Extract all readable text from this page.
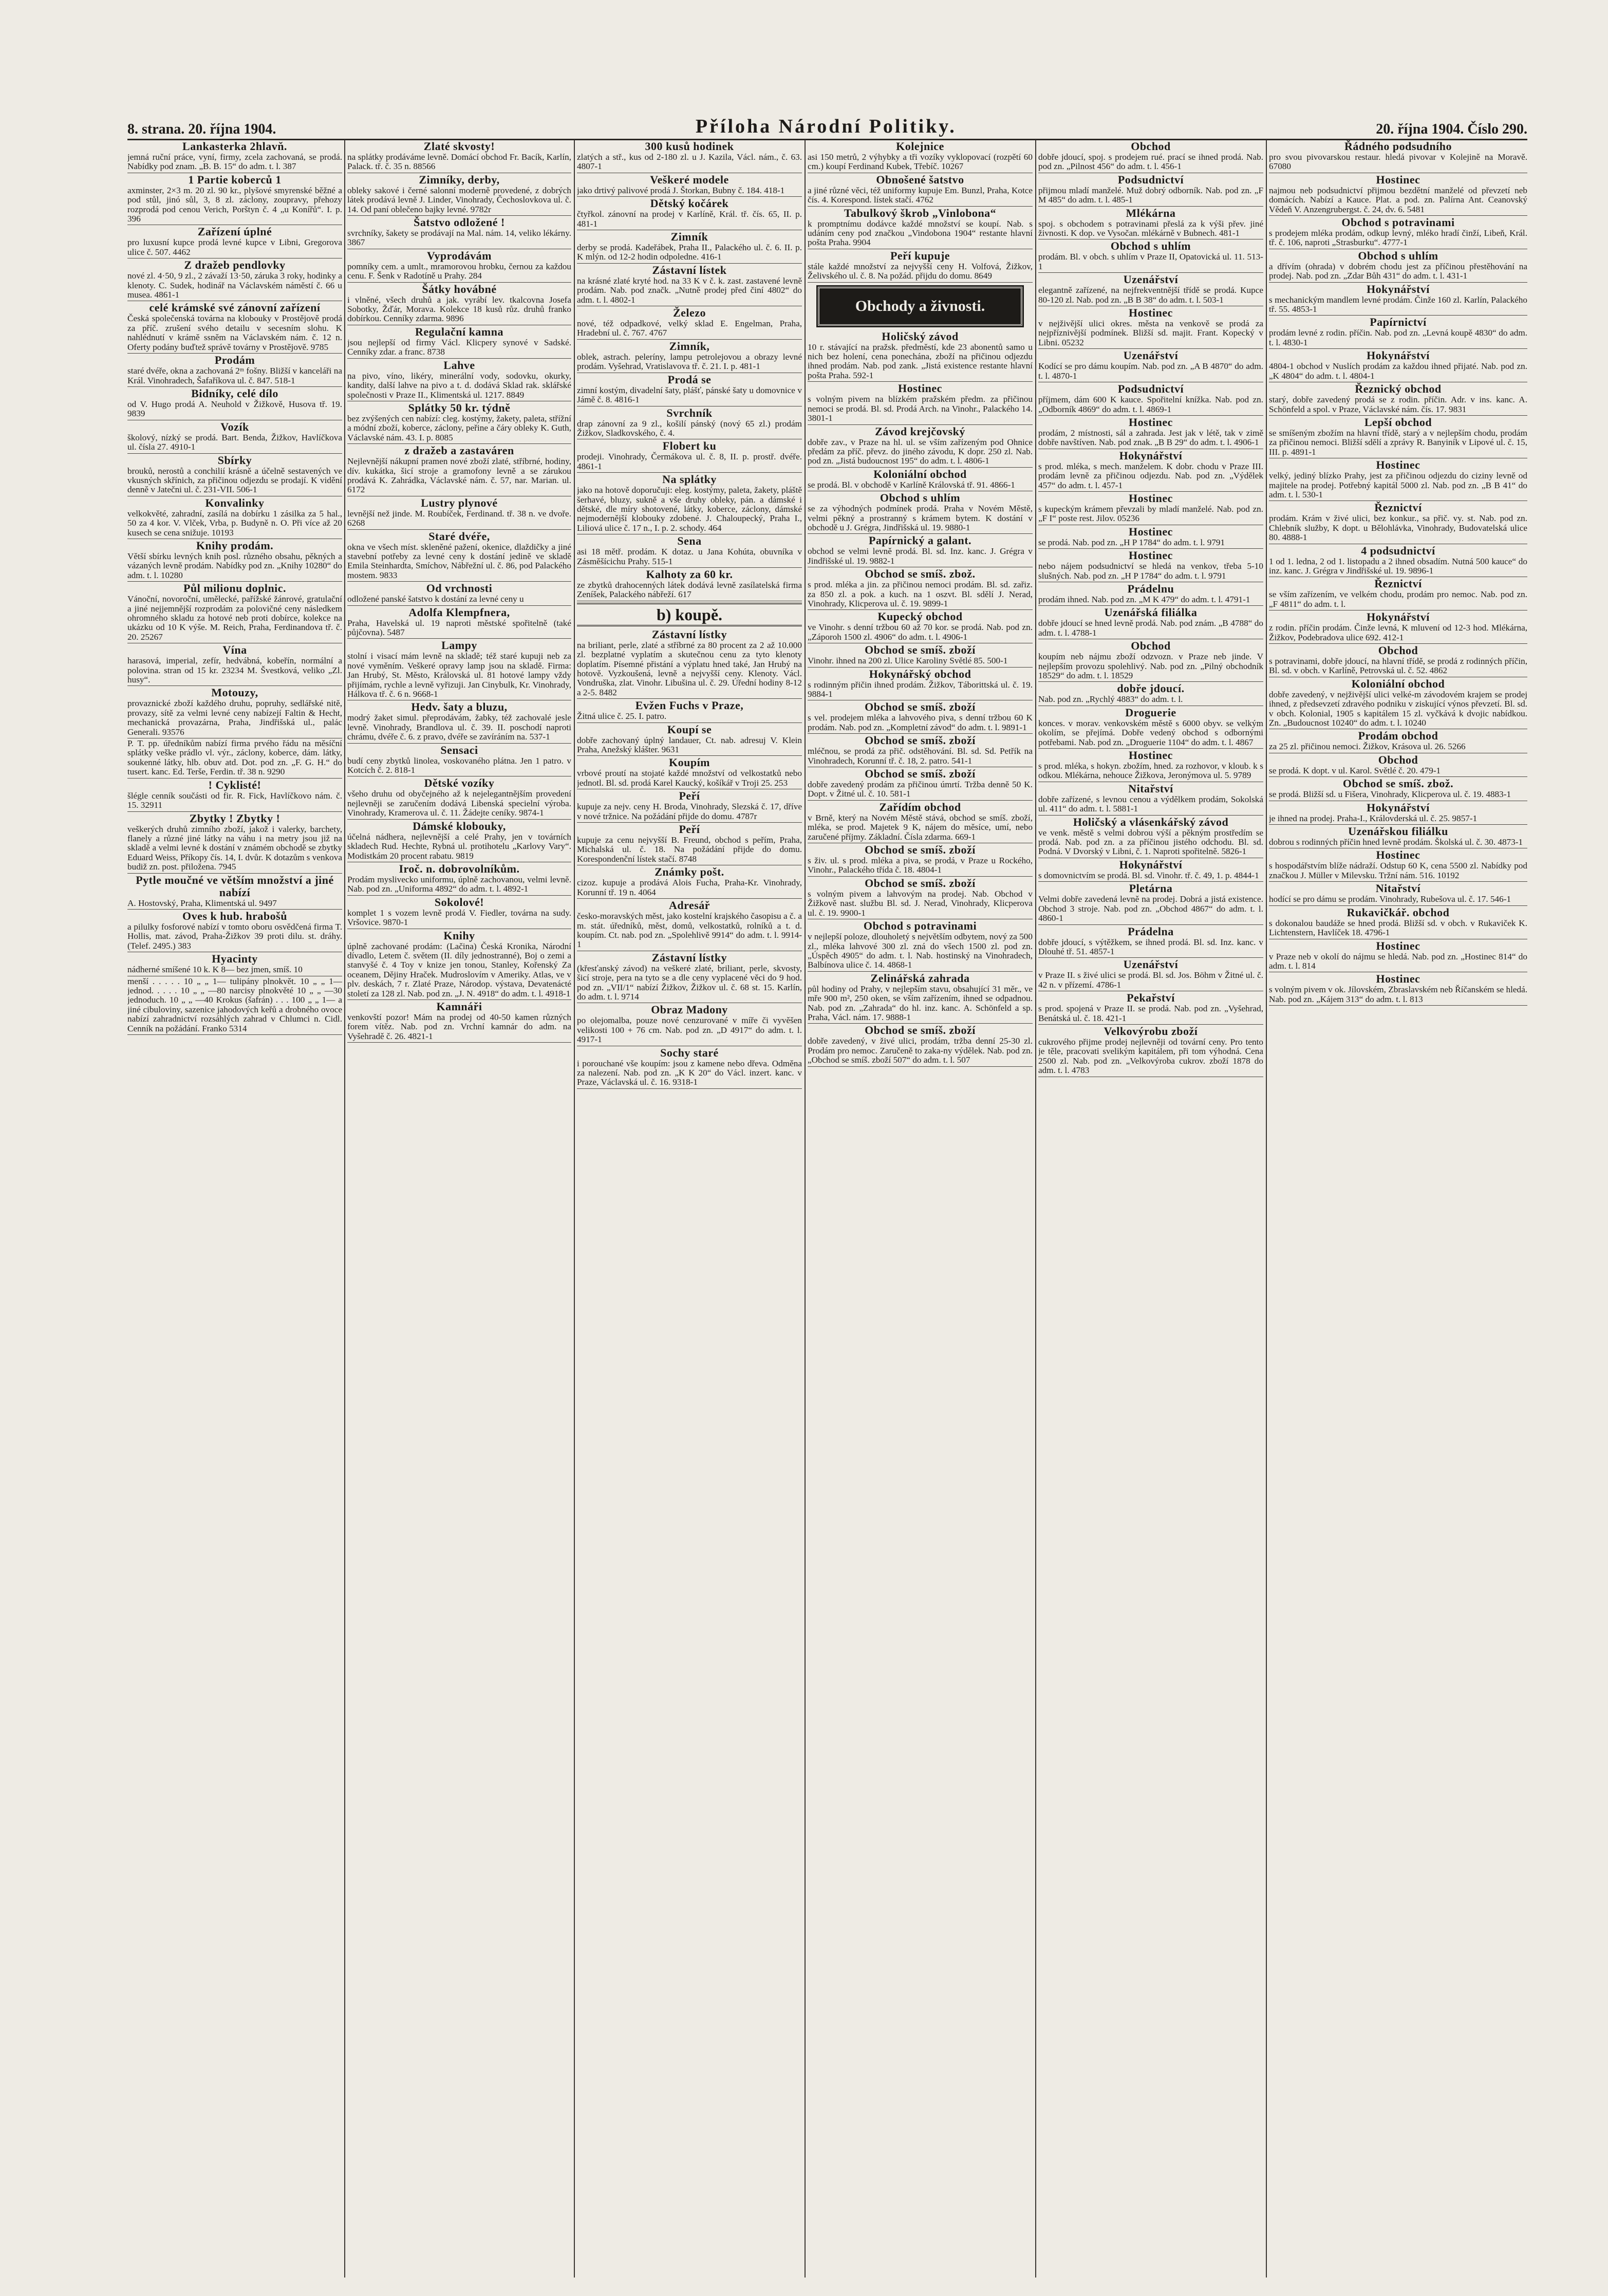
8. strana. 20. října 1904.	Příloha Národní Politiky.	20. října 1904. Číslo 290.
Lankasterka 2hlavň.
jemná ruční práce, vyní, firmy, zcela zachovaná, se prodá. Nabídky pod znam. „B. B. 15“ do adm. t. l. 387
1 Partie koberců 1
axminster, 2×3 m. 20 zl. 90 kr., plyšové smyrenské běžné a pod stůl, jinó sůl, 3, 8 zl. záclony, zoupravy, přehozy rozprodá pod cenou Verich, Porštyn č. 4 „u Konířů“. I. p. 396
Zařízení úplné
pro luxusní kupce prodá levné kupce v Libni, Gregorova ulice č. 507. 4462
Z dražeb pendlovky
nové zl. 4·50, 9 zl., 2 závaží 13·50, záruka 3 roky, hodinky a klenoty. C. Sudek, hodinář na Václavském náměstí č. 66 u musea. 4861-1
celé krámské své zánovní zařízení
Česká společenská továrna na klobouky v Prostějově prodá za příč. zrušení svého detailu v secesním slohu. K nahlédnutí v krámě ssněm na Václavském nám. č. 12 n. Oferty podány buďtež správě továrny v Prostějově. 9785
Prodám
staré dvéře, okna a zachovaná 2ᵐ fošny. Bližší v kanceláři na Král. Vinohradech, Šafaříkova ul. č. 847. 518-1
Bidníky, celé dílo
od V. Hugo prodá A. Neuhold v Žižkově, Husova tř. 19. 9839
Vozík
školový, nízký se prodá. Bart. Benda, Žižkov, Havlíčkova ul. čísla 27. 4910-1
Sbírky
brouků, nerostů a conchilií krásně a účelně sestavených ve vkusných skřínich, za přičinou odjezdu se prodají. K vidění denně v Jatečni ul. č. 231-VII. 506-1
Konvalinky
velkokvěté, zahradní, zasílá na dobírku 1 zásilka za 5 hal., 50 za 4 kor. V. Vlček, Vrba, p. Budyně n. O. Při více až 20 kusech se cena snižuje. 10193
Knihy prodám.
Větší sbírku levných knih posl. různého obsahu, pěkných a vázaných levně prodám. Nabídky pod zn. „Knihy 10280“ do adm. t. l. 10280
Půl milionu doplnic.
Vánoční, novoroční, umělecké, pařížské žánrové, gratulační a jiné nejjemnější rozprodám za polovičné ceny následkem ohromného skladu za hotové neb proti dobírce, kolekce na ukázku od 10 K výše. M. Reich, Praha, Ferdinandova tř. č. 20. 25267
Vína
harasová, imperial, zefír, hedvábná, kobeřín, normální a polovina. stran od 15 kr. 23234 M. Švestková, veliko „Zl. husy“.
Motouzy,
provaznické zboží každého druhu, popruhy, sedlářské nitě, provazy, sítě za velmi levné ceny nabízejí Faltin & Hecht, mechanická provazárna, Praha, Jindřišská ul., palác Generali. 93576
P. T. pp. úředníkům nabízí firma prvého řádu na měsíční splátky veške prádlo vl. výr., záclony, koberce, dám. látky, soukenné látky, hlb. obuv atd. Dot. pod zn. „F. G. H.“ do tusert. kanc. Ed. Terše, Ferdin. tř. 38 n. 9290
! Cyklisté!
šlégle cenník součásti od fir. R. Fick, Havlíčkovo nám. č. 15. 32911
Zbytky ! Zbytky !
veškerých druhů zimního zboží, jakož i valerky, barchety, flanely a různé jiné látky na váhu i na metry jsou již na skladě a velmi levné k dostání v známém obchodě se zbytky Eduard Weiss, Příkopy čís. 14, I. dvůr. K dotazům s venkova budiž zn. post. přiložena. 7945
Pytle moučné ve větším množství a jiné nabízí
A. Hostovský, Praha, Klimentská ul. 9497
Oves k hub. hrabošů
a pilulky fosforové nabízí v tomto oboru osvědčená firma T. Hollis, mat. závod, Praha-Žižkov 39 proti dilu. st. dráhy. (Telef. 2495.) 383
Hyacinty
nádherné smíšené 10 k. K 8— bez jmen, smíš. 10
menší . . . . . 10 „ „ 1— tulipány plnokvět. 10 „ „ 1— jednod. . . . . 10 „ „ —80 narcisy plnokvěté 10 „ „ —30 jednoduch. 10 „ „ —40 Krokus (šafrán) . . . 100 „ „ 1— a jiné cibuloviny, sazenice jahodových keřů a drobného ovoce nabízí zahradnictví rozsáhlých zahrad v Chlumci n. Cidl. Cenník na požádání. Franko 5314
Zlaté skvosty!
na splátky prodáváme levně. Domácí obchod Fr. Bacík, Karlín, Palack. tř. č. 35 n. 88566
Zimníky, derby,
obleky sakové i černé salonní moderně provedené, z dobrých látek prodává levně J. Linder, Vinohrady, Čechoslovkova ul. č. 14. Od paní oblečeno bajky levné. 9782r
Šatstvo odložené !
svrchníky, šakety se prodávají na Mal. nám. 14, veliko lékárny. 3867
Vyprodávám
pomníky cem. a umlt., mramorovou hrobku, černou za každou cenu. F. Šenk v Radotíně u Prahy. 284
Šátky hovábné
i vlněné, všech druhů a jak. vyrábí lev. tkalcovna Josefa Sobotky, Žďár, Morava. Kolekce 18 kusů růz. druhů franko dobírkou. Cenníky zdarma. 9896
Regulační kamna
jsou nejlepší od firmy Václ. Klicpery synové v Sadské. Cenníky zdar. a franc. 8738
Lahve
na pivo, víno, likéry, minerální vody, sodovku, okurky, kandity, další lahve na pivo a t. d. dodává Sklad rak. sklářské společnosti v Praze II., Klimentská ul. 1217. 8849
Splátky 50 kr. týdně
bez zvýšených cen nabízí: cleg. kostýmy, žakety, paleta, střížní a módní zboží, koberce, záclony, peřine a čáry obleky K. Guth, Václavské nám. 43. I. p. 8085
z dražeb a zastaváren
Nejlevnější nákupní pramen nové zboží zlaté, stříbrné, hodiny, dív. kukátka, šicí stroje a gramofony levně a se zárukou prodává K. Zahrádka, Václavské nám. č. 57, nar. Marian. ul. 6172
Lustry plynové
levnější než jinde. M. Roubíček, Ferdinand. tř. 38 n. ve dvoře. 6268
Staré dvéře,
okna ve všech míst. skleněné pažení, okenice, dlaždičky a jiné stavební potřeby za levné ceny k dostání jedině ve skladě Emila Steinhardta, Smíchov, Nábřežní ul. č. 86, pod Palackého mostem. 9833
Od vrchnosti
odložené panské šatstvo k dostání za levné ceny u
Adolfa Klempfnera,
Praha, Havelská ul. 19 naproti městské spořitelně (také půjčovna). 5487
Lampy
stolní i visací mám levně na skladě; též staré kupuji neb za nové vyměním. Veškeré opravy lamp jsou na skladě. Firma: Jan Hrubý, St. Město, Královská ul. 81 hotové lampy vždy přijímám, rychle a levně vyřizuji. Jan Cinybulk, Kr. Vinohrady, Hálkova tř. č. 6 n. 9668-1
Hedv. šaty a bluzu,
modrý žaket simul. přeprodávám, žabky, též zachovalé jesle levně. Vinohrady, Brandlova ul. č. 39. II. poschodí naproti chrámu, dvéře č. 6. z pravo, dvéře se zavíráním na. 537-1
Sensaci
budí ceny zbytků linolea, voskovaného plátna. Jen 1 patro. v Kotcích č. 2. 818-1
Dětské vozíky
všeho druhu od obyčejného až k nejelegantnějším provedení nejlevněji se zaručením dodává Libenská specielní výroba. Vinohrady, Kramerova ul. č. 11. Žádejte ceníky. 9874-1
Dámské klobouky,
účelná nádhera, nejlevnější a celé Prahy, jen v továrních skladech Rud. Hechte, Rybná ul. protihotelu „Karlovy Vary“. Modistkám 20 procent rabatu. 9819
Iroč. n. dobrovolníkům.
Prodám myslivecko uniformu, úplně zachovanou, velmi levně. Nab. pod zn. „Uniforma 4892“ do adm. t. l. 4892-1
Sokolové!
komplet 1 s vozem levně prodá V. Fiedler, továrna na sudy. Vršovice. 9870-1
Knihy
úplně zachované prodám: (Lačina) Česká Kronika, Národní dívadlo, Letem č. světem (II. díly jednostranné), Boj o zemi a stanvyšé č. 4 Toy v knize jen tonou, Stanley, Kořenský Za oceanem, Dějiny Hraček. Mudroslovím v Ameriky. Atlas, ve v plv. deskách, 7 r. Zlaté Praze, Národop. výstava, Devatenácté století za 128 zl. Nab. pod zn. „J. N. 4918“ do adm. t. l. 4918-1
Kamnáři
venkovští pozor! Mám na prodej od 40-50 kamen různých forem vítěz. Nab. pod zn. Vrchní kamnár do adm. na Vyšehradě č. 26. 4821-1
300 kusů hodinek
zlatých a stř., kus od 2-180 zl. u J. Kazila, Václ. nám., č. 63. 4807-1
Veškeré modele
jako drtivý palivové prodá J. Štorkan, Bubny č. 184. 418-1
Dětský kočárek
čtyřkol. zánovní na prodej v Karlíně, Král. tř. čís. 65, II. p. 481-1
Zimník
derby se prodá. Kadeřábek, Praha II., Palackého ul. č. 6. II. p. K mlýn. od 12-2 hodin odpoledne. 416-1
Zástavní lístek
na krásné zlaté kryté hod. na 33 K v č. k. zast. zastavené levně prodám. Nab. pod značk. „Nutně prodej před činí 4802“ do adm. t. l. 4802-1
Železo
nové, též odpadkové, velký sklad E. Engelman, Praha, Hradební ul. č. 767. 4767
Zimník,
oblek, astrach. peleríny, lampu petrolejovou a obrazy levné prodám. Vyšehrad, Vratislavova tř. č. 21. I. p. 481-1
Prodá se
zimní kostým, divadelní šaty, plášť, pánské šaty u domovnice v Jámě č. 8. 4816-1
Svrchník
drap zánovní za 9 zl., košilí pánský (nový 65 zl.) prodám Žižkov, Sladkovského, č. 4.
Flobert ku
prodeji. Vinohrady, Čermákova ul. č. 8, II. p. prostř. dvéře. 4861-1
Na splátky
jako na hotově doporučuji: eleg. kostýmy, paleta, žakety, pláště šerhavé, bluzy, sukně a vše druhy obleky, pán. a dámské i dětské, dle míry shotovené, látky, koberce, záclony, dámské nejmodernější klobouky zdobené. J. Chaloupecký, Praha I., Liliová ulice č. 17 n., I. p. 2. schody. 464
Sena
asi 18 mětř. prodám. K dotaz. u Jana Kohúta, obuvníka v Zásměšícichu Prahy. 515-1
Kalhoty za 60 kr.
ze zbytků drahocenných látek dodává levně zasílatelská firma Zeníšek, Palackého nábřeží. 617
b) koupě.
Zástavní lístky
na briliant, perle, zlaté a stříbrné za 80 procent za 2 až 10.000 zl. bezplatné vyplatím a skutečnou cenu za tyto klenoty doplatím. Písemné přistání a výplatu hned také, Jan Hrubý na hotově. Vyzkoušená, levně a nejvyšší ceny. Klenoty. Václ. Vondruška, zlat. Vinohr. Libušina ul. č. 29. Úřední hodiny 8-12 a 2-5. 8482
Evžen Fuchs v Praze,
Žitná ulice č. 25. I. patro.
Koupí se
dobře zachovaný úplný landauer, Ct. nab. adresuj V. Klein Praha, Anežský klášter. 9631
Koupím
vrbové proutí na stojaté každé množství od velkostatků nebo jednotl. Bl. sd. prodá Karel Kaucký, košíkář v Troji 25. 253
Peří
kupuje za nejv. ceny H. Broda, Vinohrady, Slezská č. 17, dříve v nové tržnice. Na požádání přijde do domu. 4787r
Peří
kupuje za cenu nejvyšší B. Freund, obchod s peřím, Praha, Michalská ul. č. 18. Na požádání přijde do domu. Korespondenční lístek stačí. 8748
Známky pošt.
cizoz. kupuje a prodává Alois Fucha, Praha-Kr. Vinohrady, Korunní tř. 19 n. 4064
Adresář
česko-moravských měst, jako kostelní krajského časopisu a č. a m. stát. úředníků, měst, domů, velkostatků, rolníků a t. d. koupím. Ct. nab. pod zn. „Spolehlivě 9914“ do adm. t. l. 9914-1
Zástavní lístky
(křesťanský závod) na veškeré zlaté, briliant, perle, skvosty, šicí stroje, pera na tyto se a dle ceny vyplacené věci do 9 hod. pod zn. „VII/1“ nabízí Žižkov, Žižkov ul. č. 68 st. 15. Karlín, do adm. t. l. 9714
Obraz Madony
po olejomalba, pouze nové cenzurované v míře či vyvěšen velikosti 100 + 76 cm. Nab. pod zn. „D 4917“ do adm. t. l. 4917-1
Sochy staré
i porouchané vše koupím: jsou z kamene nebo dřeva. Odměna za nalezení. Nab. pod zn. „K K 20“ do Václ. inzert. kanc. v Praze, Václavská ul. č. 16. 9318-1
Kolejnice
asi 150 metrů, 2 výhybky a tři vozíky vyklopovací (rozpětí 60 cm.) koupí Ferdinand Kubek, Třebíč. 10267
Obnošené šatstvo
a jiné různé věci, též uniformy kupuje Em. Bunzl, Praha, Kotce čís. 4. Korespond. lístek stačí. 4762
Tabulkový škrob „Vinlobona“
k promptnímu dodávce každé množství se koupí. Nab. s udáním ceny pod značkou „Vindobona 1904“ restante hlavní pošta Praha. 9904
Peří kupuje
stále každé množství za nejvyšší ceny H. Volfová, Žižkov, Želivského ul. č. 8. Na požád. přijdu do domu. 8649
Obchody a živnosti.
Holičský závod
10 r. stávající na pražsk. předměstí, kde 23 abonentů samo u nich bez holení, cena ponechána, zboží na přičinou odjezdu ihned prodám. Nab. pod zank. „Jistá existence restante hlavní pošta Praha. 592-1
Hostinec
s volným pivem na blízkém pražském předm. za přičinou nemoci se prodá. Bl. sd. Prodá Arch. na Vinohr., Palackého 14. 3801-1
Závod krejčovský
dobře zav., v Praze na hl. ul. se vším zařízeným pod Ohnice předám za příč. převz. do jiného závodu, K dopr. 250 zl. Nab. pod zn. „Jistá budoucnost 195“ do adm. t. l. 4806-1
Koloniální obchod
se prodá. Bl. v obchodě v Karlíně Královská tř. 91. 4866-1
Obchod s uhlím
se za výhodných podmínek prodá. Praha v Novém Městě, velmi pěkný a prostranný s krámem bytem. K dostání v obchodě u J. Grégra, Jindřišská ul. 19. 9880-1
Papírnický a galant.
obchod se velmi levně prodá. Bl. sd. Inz. kanc. J. Grégra v Jindřišské ul. 19. 9882-1
Obchod se smíš. zbož.
s prod. mléka a jin. za přičinou nemoci prodám. Bl. sd. zařiz. za 850 zl. a pok. a kuch. na 1 oszvt. Bl. sdělí J. Nerad, Vinohrady, Klicperova ul. č. 19. 9899-1
Kupecký obchod
ve Vinohr. s denní tržbou 60 až 70 kor. se prodá. Nab. pod zn. „Záporoh 1500 zl. 4906“ do adm. t. l. 4906-1
Obchod se smíš. zboží
Vinohr. ihned na 200 zl. Ulice Karoliny Světlé 85. 500-1
Hokynářský obchod
s rodinným přičin ihned prodám. Žižkov, Táborittská ul. č. 19. 9884-1
Obchod se smíš. zboží
s vel. prodejem mléka a lahvového piva, s denní tržbou 60 K prodám. Nab. pod zn. „Kompletní závod“ do adm. t. l. 9891-1
Obchod se smíš. zboží
mléčnou, se prodá za přič. odstěhování. Bl. sd. Sd. Petřík na Vinohradech, Korunní tř. č. 18, 2. patro. 541-1
Obchod se smíš. zboží
dobře zavedený prodám za přičinou úmrtí. Tržba denně 50 K. Dopt. v Žitné ul. č. 10. 581-1
Zařídím obchod
v Brně, který na Novém Městě stává, obchod se smíš. zboží, mléka, se prod. Majetek 9 K, nájem do měsíce, umí, nebo zaručené příjmy. Základní. Čísla zdarma. 669-1
Obchod se smíš. zboží
s živ. ul. s prod. mléka a piva, se prodá, v Praze u Rockého, Vinohr., Palackého třída č. 18. 4804-1
Obchod se smíš. zboží
s volným pivem a lahvovým na prodej. Nab. Obchod v Žižkově nast. službu Bl. sd. J. Nerad, Vinohrady, Klicperova ul. č. 19. 9900-1
Obchod s potravinami
v nejlepší poloze, dlouholetý s největším odbytem, nový za 500 zl., mléka lahvové 300 zl. zná do všech 1500 zl. pod zn. „Úspěch 4905“ do adm. t. l. Nab. hostinský na Vinohradech, Balbínova ulice č. 14. 4868-1
Zelinářská zahrada
půl hodiny od Prahy, v nejlepším stavu, obsahující 31 měr., ve mře 900 m², 250 oken, se vším zařízením, ihned se odpadnou. Nab. pod zn. „Zahrada“ do hl. inz. kanc. A. Schönfeld a sp. Praha, Václ. nám. 17. 9888-1
Obchod se smíš. zboží
dobře zavedený, v živé ulici, prodám, tržba denní 25-30 zl. Prodám pro nemoc. Zaručeně to zaka-ny výdělek. Nab. pod zn. „Obchod se smíš. zboží 507“ do adm. t. l. 507
Obchod
dobře jdoucí, spoj. s prodejem rué. prací se ihned prodá. Nab. pod zn. „Pilnost 456“ do adm. t. l. 456-1
Podsudnictví
přijmou mladí manželé. Muž dobrý odborník. Nab. pod zn. „F M 485“ do adm. t. l. 485-1
Mlékárna
spoj. s obchodem s potravinami přeslá za k výši přev. jiné živnosti. K dop. ve Vysočan. mlékárně v Bubnech. 481-1
Obchod s uhlím
prodám. Bl. v obch. s uhlím v Praze II, Opatovická ul. 11. 513-1
Uzenářství
elegantně zařízené, na nejfrekventnější třídě se prodá. Kupce 80-120 zl. Nab. pod zn. „B B 38“ do adm. t. l. 503-1
Hostinec
v nejživější ulici okres. města na venkově se prodá za nejpříznivější podmínek. Bližší sd. majit. Frant. Kopecký v Libni. 05232
Uzenářství
Kodící se pro dámu koupím. Nab. pod zn. „A B 4870“ do adm. t. l. 4870-1
Podsudnictví
příjmem, dám 600 K kauce. Spořitelní knížka. Nab. pod zn. „Odborník 4869“ do adm. t. l. 4869-1
Hostinec
prodám, 2 místnosti, sál a zahrada. Jest jak v létě, tak v zimě dobře navštíven. Nab. pod znak. „B B 29“ do adm. t. l. 4906-1
Hokynářství
s prod. mléka, s mech. manželem. K dobr. chodu v Praze III. prodám levně za přičinou odjezdu. Nab. pod zn. „Výdělek 457“ do adm. t. l. 457-1
Hostinec
s kupeckým krámem převzali by mladí manželé. Nab. pod zn. „F I“ poste rest. Jilov. 05236
Hostinec
se prodá. Nab. pod zn. „H P 1784“ do adm. t. l. 9791
Hostinec
nebo nájem podsudnictví se hledá na venkov, třeba 5-10 slušných. Nab. pod zn. „H P 1784“ do adm. t. l. 9791
Prádelnu
prodám ihned. Nab. pod zn. „M K 479“ do adm. t. l. 4791-1
Uzenářská filiálka
dobře jdoucí se hned levně prodá. Nab. pod znám. „B 4788“ do adm. t. l. 4788-1
Obchod
koupím neb nájmu zboží odzvozn. v Praze neb jinde. V nejlepším provozu spolehlivý. Nab. pod zn. „Pilný obchodník 18529“ do adm. t. l. 18529
dobře jdoucí.
Nab. pod zn. „Rychlý 4883“ do adm. t. l.
Droguerie
konces. v morav. venkovském městě s 6000 obyv. se velkým okolím, se přejímá. Dobře vedený obchod s odbornými potřebami. Nab. pod zn. „Droguerie 1104“ do adm. t. l. 4867
Hostinec
s prod. mléka, s hokyn. zbožím, hned. za rozhovor, v kloub. k s odkou. Mlékárna, nehouce Žižkova, Jeronýmova ul. 5. 9789
Nitařství
dobře zařízené, s levnou cenou a výdělkem prodám, Sokolská ul. 411“ do adm. t. l. 5881-1
Holičský a vlásenkářský závod
ve venk. městě s velmi dobrou výší a pěkným prostředím se prodá. Nab. pod zn. a za příčinou jistého odchodu. Bl. sd. Podná. V Dvorský v Libni, č. 1. Naproti spořitelně. 5826-1
Hokynářství
s domovnictvím se prodá. Bl. sd. Vinohr. tř. č. 49, 1. p. 4844-1
Pletárna
Velmi dobře zavedená levně na prodej. Dobrá a jistá existence. Obchod 3 stroje. Nab. pod zn. „Obchod 4867“ do adm. t. l. 4860-1
Prádelna
dobře jdoucí, s výtěžkem, se ihned prodá. Bl. sd. Inz. kanc. v Dlouhé tř. 51. 4857-1
Uzenářství
v Praze II. s živé ulici se prodá. Bl. sd. Jos. Böhm v Žitné ul. č. 42 n. v přízemí. 4786-1
Pekařství
s prod. spojená v Praze II. se prodá. Nab. pod zn. „Vyšehrad, Benátská ul. č. 18. 421-1
Velkovýrobu zboží
cukrového přijme prodej nejlevněji od tovární ceny. Pro tento je těle, pracovati svelikým kapitálem, při tom výhodná. Cena 2500 zl. Nab. pod zn. „Velkovýroba cukrov. zboží 1878 do adm. t. l. 4783
Řádného podsudního
pro svou pivovarskou restaur. hledá pivovar v Kolejině na Moravě. 67080
Hostinec
najmou neb podsudnictví přijmou bezdětní manželé od převzetí neb domácích. Nabízí a Kauce. Plat. a pod. zn. Palírna Ant. Ceanovský Vědeň V. Anzengrubergst. č. 24, dv. 6. 5481
Obchod s potravinami
s prodejem mléka prodám, odkup levný, mléko hradí činží, Libeň, Král. tř. č. 106, naproti „Strasburku“. 4777-1
Obchod s uhlím
a dřívím (ohrada) v dobrém chodu jest za příčinou přestěhování na prodej. Nab. pod zn. „Zdar Bůh 431“ do adm. t. l. 431-1
Hokynářství
s mechanickým mandlem levné prodám. Činže 160 zl. Karlín, Palackého tř. 55. 4853-1
Papírnictví
prodám levné z rodin. příčin. Nab. pod zn. „Levná koupě 4830“ do adm. t. l. 4830-1
Hokynářství
4804-1 obchod v Nuslích prodám za každou ihned přijaté. Nab. pod zn. „K 4804“ do adm. t. l. 4804-1
Řeznický obchod
starý, dobře zavedený prodá se z rodin. příčin. Adr. v ins. kanc. A. Schönfeld a spol. v Praze, Václavské nám. čís. 17. 9831
Lepší obchod
se smíšeným zbožím na hlavní třídě, starý a v nejlepším chodu, prodám za přičinou nemoci. Bližší sdělí a zprávy R. Banyiník v Lipové ul. č. 15, III. p. 4891-1
Hostinec
velký, jediný blízko Prahy, jest za přičinou odjezdu do ciziny levně od majitele na prodej. Potřebný kapitál 5000 zl. Nab. pod zn. „B B 41“ do adm. t. l. 530-1
Řeznictví
prodám. Krám v živé ulici, bez konkur., sa přič. vy. st. Nab. pod zn. Chlebník služby, K dopt. u Bělohlávka, Vinohrady, Budovatelská ulice 80. 4888-1
4 podsudnictví
1 od 1. ledna, 2 od 1. listopadu a 2 ihned obsadím. Nutná 500 kauce“ do inz. kanc. J. Grégra v Jindřišské ul. 19. 9896-1
Řeznictví
se vším zařízením, ve velkém chodu, prodám pro nemoc. Nab. pod zn. „F 4811“ do adm. t. l.
Hokynářství
z rodin. příčin prodám. Činže levná, K mluvení od 12-3 hod. Mlékárna, Žižkov, Podebradova ulice 692. 412-1
Obchod
s potravinami, dobře jdoucí, na hlavní třídě, se prodá z rodinných příčin, Bl. sd. v obch. v Karlíně, Petrovská ul. č. 52. 4862
Koloniální obchod
dobře zavedený, v nejživější ulici velké-m závodovém krajem se prodej ihned, z předsevzetí zdravého podniku v ziskující výnos převzetí. Bl. sd. v obch. Kolonial, 1905 s kapitálem 15 zl. vyčkává k dvojic nabídkou. Zn. „Budoucnost 10240“ do adm. t. l. 10240
Prodám obchod
za 25 zl. přičinou nemoci. Žižkov, Krásova ul. 26. 5266
Obchod
se prodá. K dopt. v ul. Karol. Světlé č. 20. 479-1
Obchod se smíš. zbož.
se prodá. Bližší sd. u Fišera, Vinohrady, Klicperova ul. č. 19. 4883-1
Hokynářství
je ihned na prodej. Praha-I., Královderská ul. č. 25. 9857-1
Uzenářskou filiálku
dobrou s rodinných příčin hned levně prodám. Školská ul. č. 30. 4873-1
Hostinec
s hospodářstvím blíže nádraží. Odstup 60 K, cena 5500 zl. Nabídky pod značkou J. Müller v Milevsku. Tržní nám. 516. 10192
Nitařství
hodící se pro dámu se prodám. Vinohrady, Rubešova ul. č. 17. 546-1
Rukavičkář. obchod
s dokonalou baudáže se hned prodá. Bližší sd. v obch. v Rukaviček K. Lichtenstern, Havlíček 18. 4796-1
Hostinec
v Praze neb v okolí do nájmu se hledá. Nab. pod zn. „Hostinec 814“ do adm. t. l. 814
Hostinec
s volným pivem v ok. Jílovském, Zbraslavském neb Říčanském se hledá. Nab. pod zn. „Kájem 313“ do adm. t. l. 813
